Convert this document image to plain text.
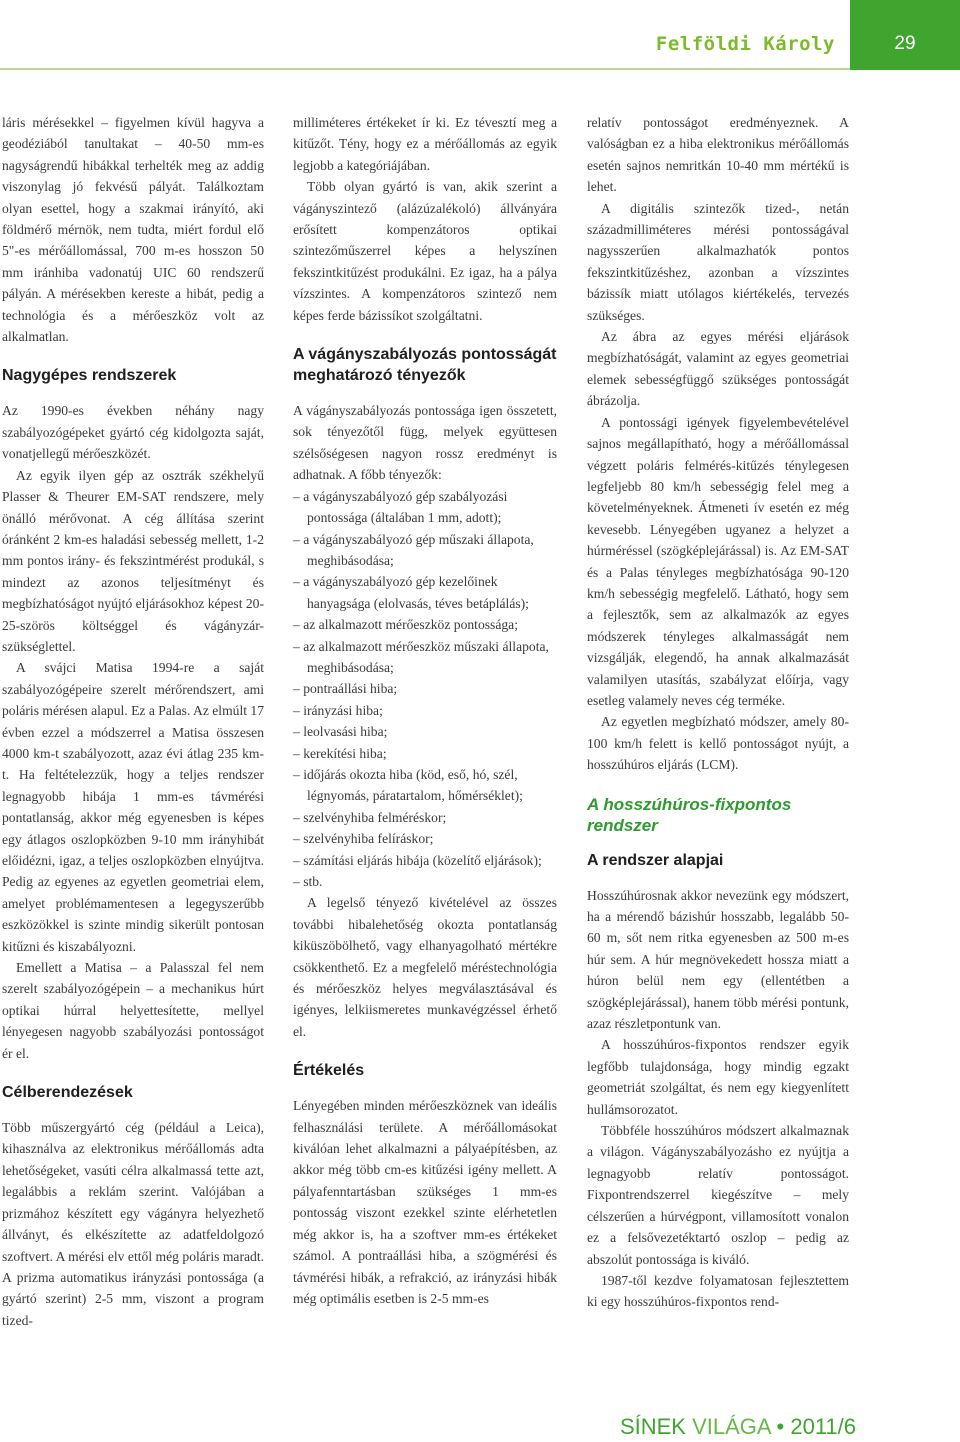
Felföldi Károly	29

láris mérésekkel – figyelmen kívül hagyva a geodéziából tanultakat – 40-50 mm-es nagyságrendű hibákkal terhelték meg az addig viszonylag jó fekvésű pályát. Találkoztam olyan esettel, hogy a szakmai irányító, aki földmérő mérnök, nem tudta, miért fordul elő 5"-es mérőállomással, 700 m-es hosszon 50 mm iránhiba vadonatúj UIC 60 rendszerű pályán. A mérésekben kereste a hibát, pedig a technológia és a mérőeszköz volt az alkalmatlan.

Nagygépes rendszerek

Az 1990-es években néhány nagy szabályozógépeket gyártó cég kidolgozta saját, vonatjellegű mérőeszközét.

Az egyik ilyen gép az osztrák székhelyű Plasser & Theurer EM-SAT rendszere, mely önálló mérővonat. A cég állítása szerint óránként 2 km-es haladási sebesség mellett, 1-2 mm pontos irány- és fekszintmérést produkál, s mindezt az azonos teljesítményt és megbízhatóságot nyújtó eljárásokhoz képest 20-25-szörös költséggel és vágányzár-szükséglettel.

A svájci Matisa 1994-re a saját szabályozógépeire szerelt mérőrendszert, ami poláris mérésen alapul. Ez a Palas. Az elmúlt 17 évben ezzel a módszerrel a Matisa összesen 4000 km-t szabályozott, azaz évi átlag 235 km-t. Ha feltételezzük, hogy a teljes rendszer legnagyobb hibája 1 mm-es távmérési pontatlanság, akkor még egyenesben is képes egy átlagos oszlopközben 9-10 mm irányhibát előidézni, igaz, a teljes oszlopközben elnyújtva. Pedig az egyenes az egyetlen geometriai elem, amelyet problémamentesen a legegyszerűbb eszközökkel is szinte mindig sikerült pontosan kitűzni és kiszabályozni.

Emellett a Matisa – a Palasszal fel nem szerelt szabályozógépein – a mechanikus húrt optikai húrral helyettesítette, mellyel lényegesen nagyobb szabályozási pontosságot ér el.

Célberendezések

Több műszergyártó cég (például a Leica), kihasználva az elektronikus mérőállomás adta lehetőségeket, vasúti célra alkalmassá tette azt, legalábbis a reklám szerint. Valójában a prizmához készített egy vágányra helyezhető állványt, és elkészítette az adatfeldolgozó szoftvert. A mérési elv ettől még poláris maradt. A prizma automatikus irányzási pontossága (a gyártó szerint) 2-5 mm, viszont a program tized-

milliméteres értékeket ír ki. Ez tévesztí meg a kitűzőt. Tény, hogy ez a mérőállomás az egyik legjobb a kategóriájában.

Több olyan gyártó is van, akik szerint a vágányszintező (alázúzalékoló) állványára erősített kompenzátoros optikai szintezőműszerrel képes a helyszínen fekszintkitűzést produkálni. Ez igaz, ha a pálya vízszintes. A kompenzátoros szintező nem képes ferde bázissíkot szolgáltatni.

A vágányszabályozás pontosságát meghatározó tényezők

A vágányszabályozás pontossága igen összetett, sok tényezőtől függ, melyek együttesen szélsőségesen nagyon rossz eredményt is adhatnak. A főbb tényezők:

– a vágányszabályozó gép szabályozási pontossága (általában 1 mm, adott);

– a vágányszabályozó gép műszaki állapota, meghibásodása;

– a vágányszabályozó gép kezelőinek hanyagsága (elolvasás, téves betáplálás);

– az alkalmazott mérőeszköz pontossága;

– az alkalmazott mérőeszköz műszaki állapota, meghibásodása;

– pontraállási hiba;

– irányzási hiba;

– leolvasási hiba;

– kerekítési hiba;

– időjárás okozta hiba (köd, eső, hó, szél, légnyomás, páratartalom, hőmérséklet);

– szelvényhiba felméréskor;

– szelvényhiba felíráskor;

– számítási eljárás hibája (közelítő eljárások);

– stb.

A legelső tényező kivételével az összes további hibalehetőség okozta pontatlanság kiküszöbölhető, vagy elhanyagolható mértékre csökkenthető. Ez a megfelelő méréstechnológia és mérőeszköz helyes megválasztásával és igényes, lelkiismeretes munkavégzéssel érhető el.

Értékelés

Lényegében minden mérőeszköznek van ideális felhasználási területe. A mérőállomásokat kiválóan lehet alkalmazni a pályaépítésben, az akkor még több cm-es kitűzési igény mellett. A pályafenntartásban szükséges 1 mm-es pontosság viszont ezekkel szinte elérhetetlen még akkor is, ha a szoftver mm-es értékeket számol. A pontraállási hiba, a szögmérési és távmérési hibák, a refrakció, az irányzási hibák még optimális esetben is 2-5 mm-es

relatív pontosságot eredményeznek. A valóságban ez a hiba elektronikus mérőállomás esetén sajnos nemritkán 10-40 mm mértékű is lehet.

A digitális szintezők tized-, netán századmilliméteres mérési pontosságával nagysszerűen alkalmazhatók pontos fekszintkitűzéshez, azonban a vízszintes bázissík miatt utólagos kiértékelés, tervezés szükséges.

Az ábra az egyes mérési eljárások megbízhatóságát, valamint az egyes geometriai elemek sebességfüggő szükséges pontosságát ábrázolja.

A pontossági igények figyelembevételével sajnos megállapítható, hogy a mérőállomással végzett poláris felmérés-kitűzés ténylegesen legfeljebb 80 km/h sebességig felel meg a követelményeknek. Átmeneti ív esetén ez még kevesebb. Lényegében ugyanez a helyzet a húrméréssel (szögképlejárással) is. Az EM-SAT és a Palas tényleges megbízhatósága 90-120 km/h sebességig megfelelő. Látható, hogy sem a fejlesztők, sem az alkalmazók az egyes módszerek tényleges alkalmasságát nem vizsgálják, elegendő, ha annak alkalmazását valamilyen utasítás, szabályzat előírja, vagy esetleg valamely neves cég terméke.

Az egyetlen megbízható módszer, amely 80-100 km/h felett is kellő pontosságot nyújt, a hosszúhúros eljárás (LCM).

A hosszúhúros-fixpontos rendszer
A rendszer alapjai

Hosszúhúrosnak akkor nevezünk egy módszert, ha a mérendő bázishúr hosszabb, legalább 50-60 m, sőt nem ritka egyenesben az 500 m-es húr sem. A húr megnövekedett hossza miatt a húron belül nem egy (ellentétben a szögképlejárással), hanem több mérési pontunk, azaz részletpontunk van.

A hosszúhúros-fixpontos rendszer egyik legfőbb tulajdonsága, hogy mindig egzakt geometriát szolgáltat, és nem egy kiegyenlített hullámsorozatot.

Többféle hosszúhúros módszert alkalmaznak a világon. Vágányszabályozásho ez nyújtja a legnagyobb relatív pontosságot. Fixpontrendszerrel kiegészítve – mely célszerűen a húrvégpont, villamosított vonalon ez a felsővezetéktartó oszlop – pedig az abszolút pontossága is kiváló.

1987-től kezdve folyamatosan fejlesztettem ki egy hosszúhúros-fixpontos rend-

SÍNEK VILÁGA • 2011/6
